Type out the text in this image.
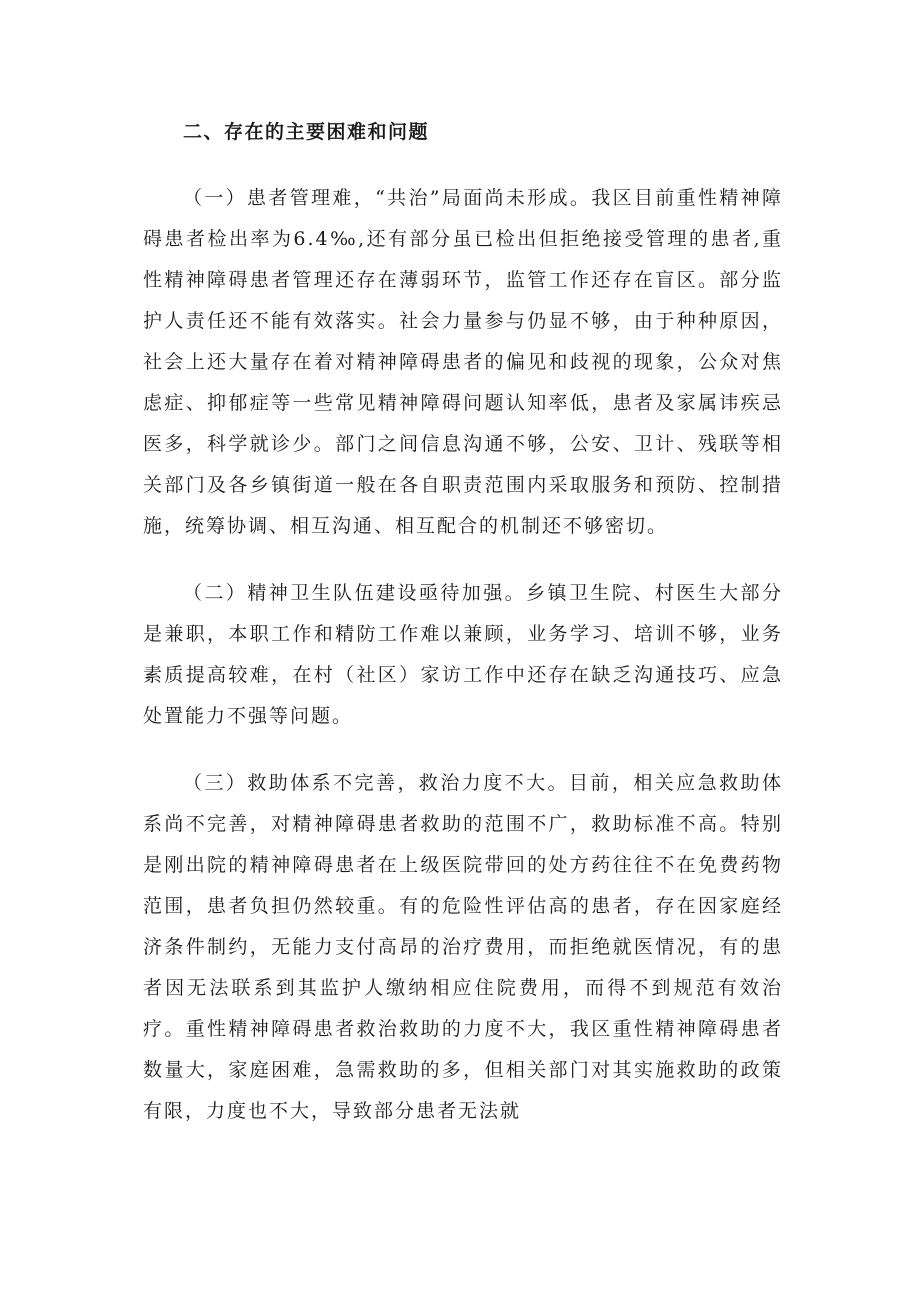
二、存在的主要困难和问题

（一）患者管理难，“共治”局面尚未形成。我区目前重性精神障碍患者检出率为6.4‰,还有部分虽已检出但拒绝接受管理的患者,重性精神障碍患者管理还存在薄弱环节，监管工作还存在盲区。部分监护人责任还不能有效落实。社会力量参与仍显不够，由于种种原因，社会上还大量存在着对精神障碍患者的偏见和歧视的现象，公众对焦虑症、抑郁症等一些常见精神障碍问题认知率低，患者及家属讳疾忌医多，科学就诊少。部门之间信息沟通不够，公安、卫计、残联等相关部门及各乡镇街道一般在各自职责范围内采取服务和预防、控制措施，统筹协调、相互沟通、相互配合的机制还不够密切。

（二）精神卫生队伍建设亟待加强。乡镇卫生院、村医生大部分是兼职，本职工作和精防工作难以兼顾，业务学习、培训不够，业务素质提高较难，在村（社区）家访工作中还存在缺乏沟通技巧、应急处置能力不强等问题。

（三）救助体系不完善，救治力度不大。目前，相关应急救助体系尚不完善，对精神障碍患者救助的范围不广，救助标准不高。特别是刚出院的精神障碍患者在上级医院带回的处方药往往不在免费药物范围，患者负担仍然较重。有的危险性评估高的患者，存在因家庭经济条件制约，无能力支付高昂的治疗费用，而拒绝就医情况，有的患者因无法联系到其监护人缴纳相应住院费用，而得不到规范有效治疗。重性精神障碍患者救治救助的力度不大，我区重性精神障碍患者数量大，家庭困难，急需救助的多，但相关部门对其实施救助的政策有限，力度也不大，导致部分患者无法就
